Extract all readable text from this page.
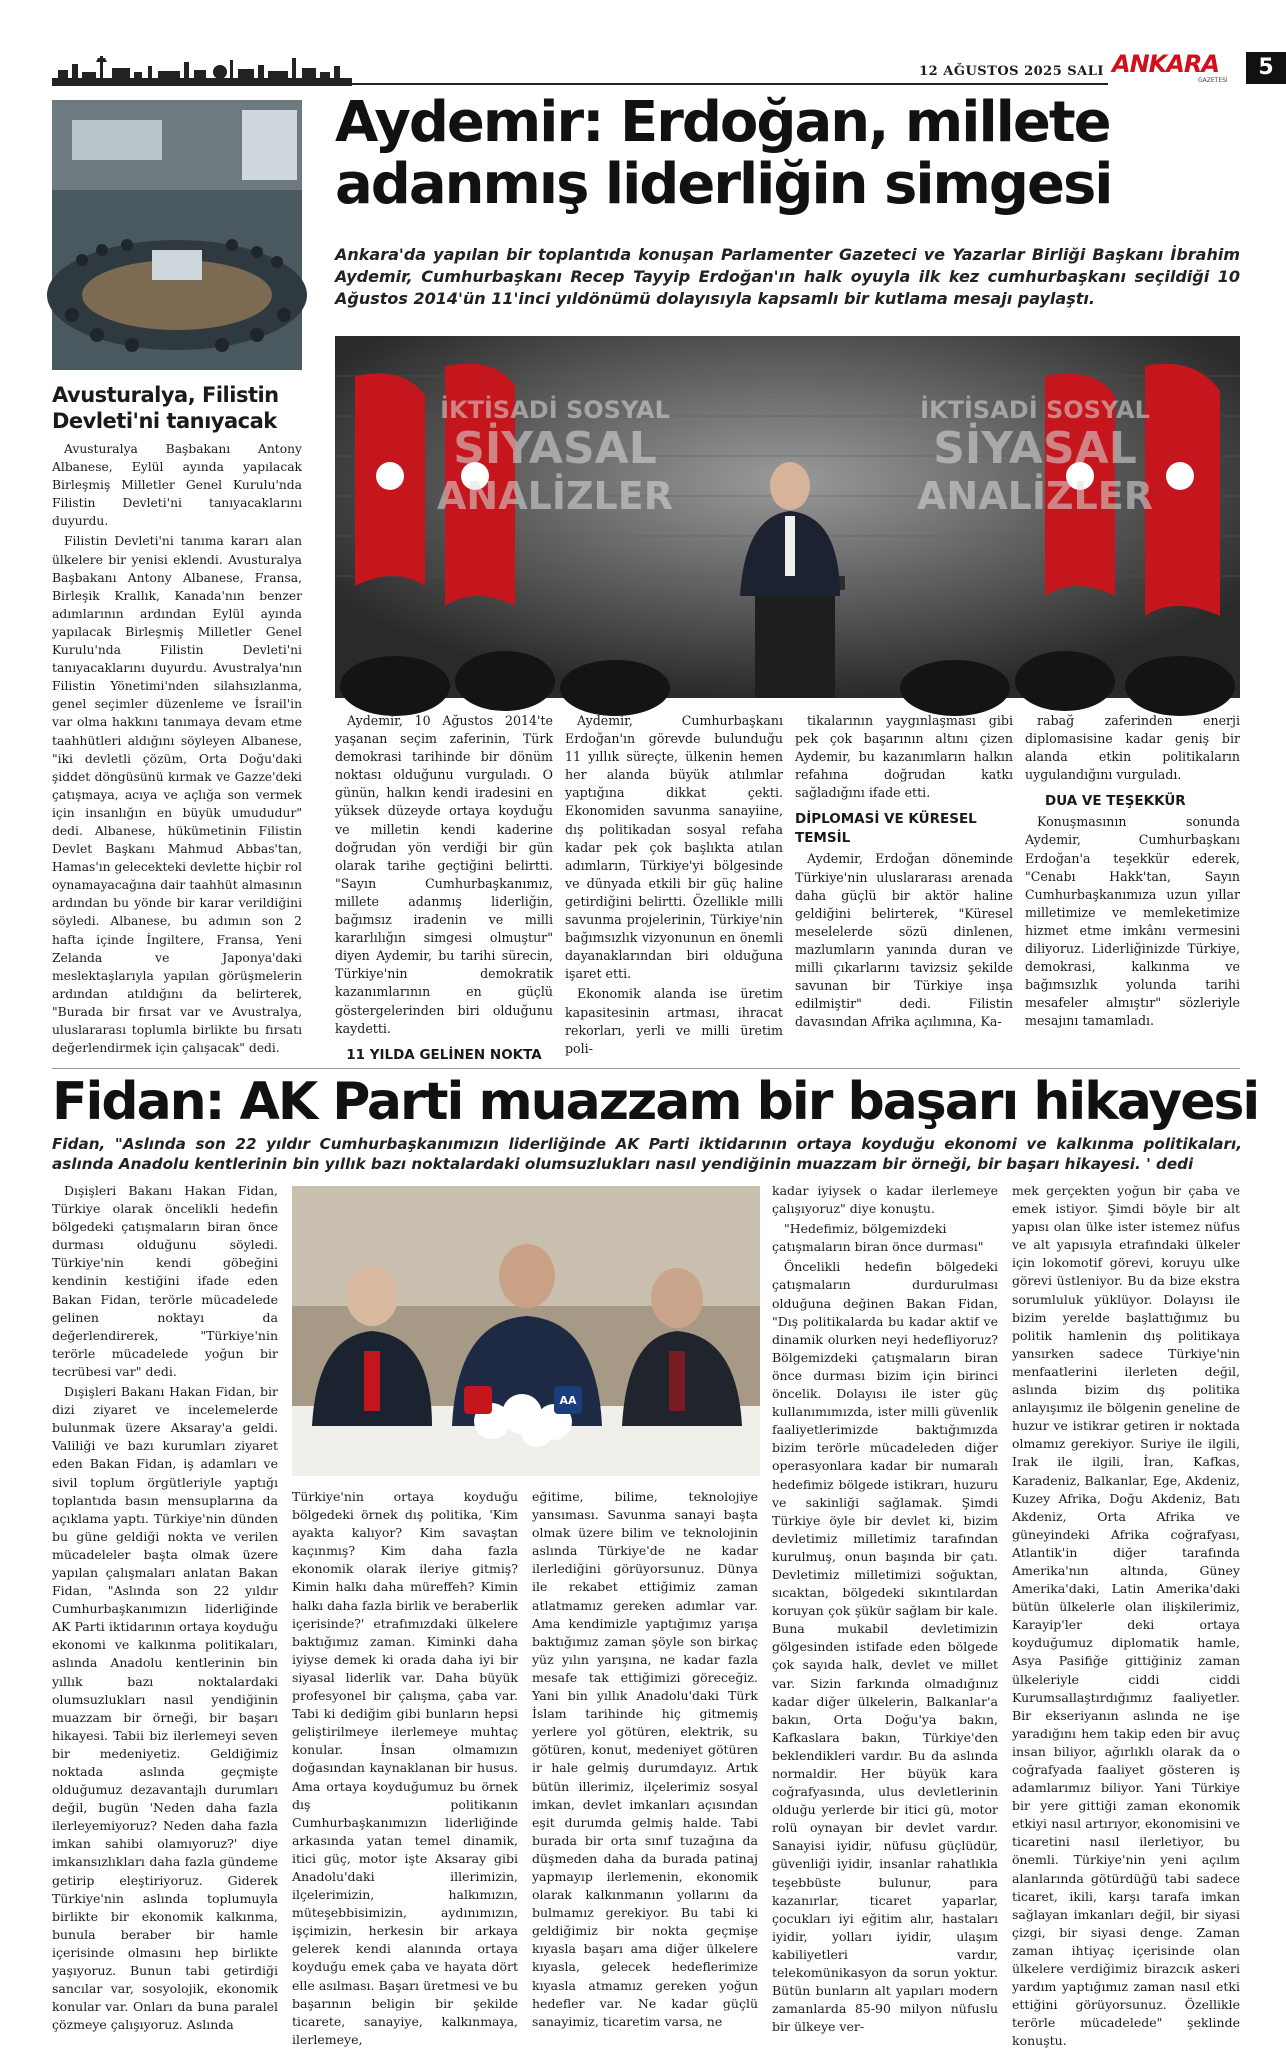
12 AĞUSTOS 2025 SALI ANKARA
GAZETESİ
5
Avusturalya, Filistin Devleti'ni tanıyacak

Avusturalya Başbakanı Antony Albanese, Eylül ayında yapılacak Birleşmiş Milletler Genel Kurulu'nda Filistin Devleti'ni tanıyacaklarını duyurdu.

Filistin Devleti'ni tanıma kararı alan ülkelere bir yenisi eklendi. Avusturalya Başbakanı Antony Albanese, Fransa, Birleşik Krallık, Kanada'nın benzer adımlarının ardından Eylül ayında yapılacak Birleşmiş Milletler Genel Kurulu'nda Filistin Devleti'ni tanıyacaklarını duyurdu. Avustralya'nın Filistin Yönetimi'nden silahsızlanma, genel seçimler düzenleme ve İsrail'in var olma hakkını tanımaya devam etme taahhütleri aldığını söyleyen Albanese, "iki devletli çözüm, Orta Doğu'daki şiddet döngüsünü kırmak ve Gazze'deki çatışmaya, acıya ve açlığa son vermek için insanlığın en büyük umududur" dedi. Albanese, hükümetinin Filistin Devlet Başkanı Mahmud Abbas'tan, Hamas'ın gelecekteki devlette hiçbir rol oynamayacağına dair taahhüt almasının ardından bu yönde bir karar verildiğini söyledi. Albanese, bu adımın son 2 hafta içinde İngiltere, Fransa, Yeni Zelanda ve Japonya'daki meslektaşlarıyla yapılan görüşmelerin ardından atıldığını da belirterek, "Burada bir fırsat var ve Avustralya, uluslararası toplumla birlikte bu fırsatı değerlendirmek için çalışacak" dedi.

Aydemir: Erdoğan, millete
adanmış liderliğin simgesi
Ankara'da yapılan bir toplantıda konuşan Parlamenter Gazeteci ve Yazarlar Birliği Başkanı İbrahim Aydemir, Cumhurbaşkanı Recep Tayyip Erdoğan'ın halk oyuyla ilk kez cumhurbaşkanı seçildiği 10 Ağustos 2014'ün 11'inci yıldönümü dolayısıyla kapsamlı bir kutlama mesajı paylaştı.
İKTİSADİ SOSYAL
SİYASAL
ANALİZLER
İKTİSADİ SOSYAL
SİYASAL
ANALİZLER

Aydemir, 10 Ağustos 2014'te yaşanan seçim zaferinin, Türk demokrasi tarihinde bir dönüm noktası olduğunu vurguladı. O günün, halkın kendi iradesini en yüksek düzeyde ortaya koyduğu ve milletin kendi kaderine doğrudan yön verdiği bir gün olarak tarihe geçtiğini belirtti. "Sayın Cumhurbaşkanımız, millete adanmış liderliğin, bağımsız iradenin ve milli kararlılığın simgesi olmuştur" diyen Aydemir, bu tarihi sürecin, Türkiye'nin demokratik kazanımlarının en güçlü göstergelerinden biri olduğunu kaydetti.

11 YILDA GELİNEN NOKTA

Aydemir, Cumhurbaşkanı Erdoğan'ın görevde bulunduğu 11 yıllık süreçte, ülkenin hemen her alanda büyük atılımlar yaptığına dikkat çekti. Ekonomiden savunma sanayiine, dış politikadan sosyal refaha kadar pek çok başlıkta atılan adımların, Türkiye'yi bölgesinde ve dünyada etkili bir güç haline getirdiğini belirtti. Özellikle milli savunma projelerinin, Türkiye'nin bağımsızlık vizyonunun en önemli dayanaklarından biri olduğuna işaret etti.

Ekonomik alanda ise üretim kapasitesinin artması, ihracat rekorları, yerli ve milli üretim poli-

tikalarının yaygınlaşması gibi pek çok başarının altını çizen Aydemir, bu kazanımların halkın refahına doğrudan katkı sağladığını ifade etti.

DİPLOMASİ VE KÜRESEL TEMSİL

Aydemir, Erdoğan döneminde Türkiye'nin uluslararası arenada daha güçlü bir aktör haline geldiğini belirterek, "Küresel meselelerde sözü dinlenen, mazlumların yanında duran ve milli çıkarlarını tavizsiz şekilde savunan bir Türkiye inşa edilmiştir" dedi. Filistin davasından Afrika açılımına, Ka-

rabağ zaferinden enerji diplomasisine kadar geniş bir alanda etkin politikaların uygulandığını vurguladı.

DUA VE TEŞEKKÜR

Konuşmasının sonunda Aydemir, Cumhurbaşkanı Erdoğan'a teşekkür ederek, "Cenabı Hakk'tan, Sayın Cumhurbaşkanımıza uzun yıllar milletimize ve memleketimize hizmet etme imkânı vermesini diliyoruz. Liderliğinizde Türkiye, demokrasi, kalkınma ve bağımsızlık yolunda tarihi mesafeler almıştır" sözleriyle mesajını tamamladı.

Fidan: AK Parti muazzam bir başarı hikayesi
Fidan, "Aslında son 22 yıldır Cumhurbaşkanımızın liderliğinde AK Parti iktidarının ortaya koyduğu ekonomi ve kalkınma politikaları, aslında Anadolu kentlerinin bin yıllık bazı noktalardaki olumsuzlukları nasıl yendiğinin muazzam bir örneği, bir başarı hikayesi. ' dedi

Dışişleri Bakanı Hakan Fidan, Türkiye olarak öncelikli hedefin bölgedeki çatışmaların biran önce durması olduğunu söyledi. Türkiye'nin kendi göbeğini kendinin kestiğini ifade eden Bakan Fidan, terörle mücadelede gelinen noktayı da değerlendirerek, "Türkiye'nin terörle mücadelede yoğun bir tecrübesi var" dedi.

Dışişleri Bakanı Hakan Fidan, bir dizi ziyaret ve incelemelerde bulunmak üzere Aksaray'a geldi. Valiliği ve bazı kurumları ziyaret eden Bakan Fidan, iş adamları ve sivil toplum örgütleriyle yaptığı toplantıda basın mensuplarına da açıklama yaptı. Türkiye'nin dünden bu güne geldiği nokta ve verilen mücadeleler başta olmak üzere yapılan çalışmaları anlatan Bakan Fidan, "Aslında son 22 yıldır Cumhurbaşkanımızın liderliğinde AK Parti iktidarının ortaya koyduğu ekonomi ve kalkınma politikaları, aslında Anadolu kentlerinin bin yıllık bazı noktalardaki olumsuzlukları nasıl yendiğinin muazzam bir örneği, bir başarı hikayesi. Tabii biz ilerlemeyi seven bir medeniyetiz. Geldiğimiz noktada aslında geçmişte olduğumuz dezavantajlı durumları değil, bugün 'Neden daha fazla ilerleyemiyoruz? Neden daha fazla imkan sahibi olamıyoruz?' diye imkansızlıkları daha fazla gündeme getirip eleştiriyoruz. Giderek Türkiye'nin aslında toplumuyla birlikte bir ekonomik kalkınma, bunula beraber bir hamle içerisinde olmasını hep birlikte yaşıyoruz. Bunun tabi getirdiği sancılar var, sosyolojik, ekonomik konular var. Onları da buna paralel çözmeye çalışıyoruz. Aslında

AA

Türkiye'nin ortaya koyduğu bölgedeki örnek dış politika, 'Kim ayakta kalıyor? Kim savaştan kaçınmış? Kim daha fazla ekonomik olarak ileriye gitmiş? Kimin halkı daha müreffeh? Kimin halkı daha fazla birlik ve beraberlik içerisinde?' etrafımızdaki ülkelere baktığımız zaman. Kiminki daha iyiyse demek ki orada daha iyi bir siyasal liderlik var. Daha büyük profesyonel bir çalışma, çaba var. Tabi ki dediğim gibi bunların hepsi geliştirilmeye ilerlemeye muhtaç konular. İnsan olmamızın doğasından kaynaklanan bir husus. Ama ortaya koyduğumuz bu örnek dış politikanın Cumhurbaşkanımızın liderliğinde arkasında yatan temel dinamik, itici güç, motor işte Aksaray gibi Anadolu'daki illerimizin, ilçelerimizin, halkımızın, müteşebbisimizin, aydınımızın, işçimizin, herkesin bir arkaya gelerek kendi alanında ortaya koyduğu emek çaba ve hayata dört elle asılması. Başarı üretmesi ve bu başarının beligin bir şekilde ticarete, sanayiye, kalkınmaya, ilerlemeye,

eğitime, bilime, teknolojiye yansıması. Savunma sanayi başta olmak üzere bilim ve teknolojinin aslında Türkiye'de ne kadar ilerlediğini görüyorsunuz. Dünya ile rekabet ettiğimiz zaman atlatmamız gereken adımlar var. Ama kendimizle yaptığımız yarışa baktığımız zaman şöyle son birkaç yüz yılın yarışına, ne kadar fazla mesafe tak ettiğimizi göreceğiz. Yani bin yıllık Anadolu'daki Türk İslam tarihinde hiç gitmemiş yerlere yol götüren, elektrik, su götüren, konut, medeniyet götüren ir hale gelmiş durumdayız. Artık bütün illerimiz, ilçelerimiz sosyal imkan, devlet imkanları açısından eşit durumda gelmiş halde. Tabi burada bir orta sınıf tuzağına da düşmeden daha da burada patinaj yapmayıp ilerlemenin, ekonomik olarak kalkınmanın yollarını da bulmamız gerekiyor. Bu tabi ki geldiğimiz bir nokta geçmişe kıyasla başarı ama diğer ülkelere kıyasla, gelecek hedeflerimize kıyasla atmamız gereken yoğun hedefler var. Ne kadar güçlü sanayimiz, ticaretim varsa, ne

kadar iyiysek o kadar ilerlemeye çalışıyoruz" diye konuştu.

"Hedefimiz, bölgemizdeki çatışmaların biran önce durması"

Öncelikli hedefin bölgedeki çatışmaların durdurulması olduğuna değinen Bakan Fidan, "Dış politikalarda bu kadar aktif ve dinamik olurken neyi hedefliyoruz? Bölgemizdeki çatışmaların biran önce durması bizim için birinci öncelik. Dolayısı ile ister güç kullanımımızda, ister milli güvenlik faaliyetlerimizde baktığımızda bizim terörle mücadeleden diğer operasyonlara kadar bir numaralı hedefimiz bölgede istikrarı, huzuru ve sakinliği sağlamak. Şimdi Türkiye öyle bir devlet ki, bizim devletimiz milletimiz tarafından kurulmuş, onun başında bir çatı. Devletimiz milletimizi soğuktan, sıcaktan, bölgedeki sıkıntılardan koruyan çok şükür sağlam bir kale. Buna mukabil devletimizin gölgesinden istifade eden bölgede çok sayıda halk, devlet ve millet var. Sizin farkında olmadığınız kadar diğer ülkelerin, Balkanlar'a bakın, Orta Doğu'ya bakın, Kafkaslara bakın, Türkiye'den beklendikleri vardır. Bu da aslında normaldir. Her büyük kara coğrafyasında, ulus devletlerinin olduğu yerlerde bir itici gü, motor rolü oynayan bir devlet vardır. Sanayisi iyidir, nüfusu güçlüdür, güvenliği iyidir, insanlar rahatlıkla teşebbüste bulunur, para kazanırlar, ticaret yaparlar, çocukları iyi eğitim alır, hastaları iyidir, yolları iyidir, ulaşım kabiliyetleri vardır, telekomünikasyon da sorun yoktur. Bütün bunların alt yapıları modern zamanlarda 85-90 milyon nüfuslu bir ülkeye ver-

mek gerçekten yoğun bir çaba ve emek istiyor. Şimdi böyle bir alt yapısı olan ülke ister istemez nüfus ve alt yapısıyla etrafındaki ülkeler için lokomotif görevi, koruyu ulke görevi üstleniyor. Bu da bize ekstra sorumluluk yüklüyor. Dolayısı ile bizim yerelde başlattığımız bu politik hamlenin dış politikaya yansırken sadece Türkiye'nin menfaatlerini ilerleten değil, aslında bizim dış politika anlayışımız ile bölgenin geneline de huzur ve istikrar getiren ir noktada olmamız gerekiyor. Suriye ile ilgili, Irak ile ilgili, İran, Kafkas, Karadeniz, Balkanlar, Ege, Akdeniz, Kuzey Afrika, Doğu Akdeniz, Batı Akdeniz, Orta Afrika ve güneyindeki Afrika coğrafyası, Atlantik'in diğer tarafında Amerika'nın altında, Güney Amerika'daki, Latin Amerika'daki bütün ülkelerle olan ilişkilerimiz, Karayip'ler deki ortaya koyduğumuz diplomatik hamle, Asya Pasifiğe gittiğiniz zaman ülkeleriyle ciddi ciddi Kurumsallaştırdığımız faaliyetler. Bir ekseriyanın aslında ne işe yaradığını hem takip eden bir avuç insan biliyor, ağırlıklı olarak da o coğrafyada faaliyet gösteren iş adamlarımız biliyor. Yani Türkiye bir yere gittiği zaman ekonomik etkiyi nasıl artırıyor, ekonomisini ve ticaretini nasıl ilerletiyor, bu önemli. Türkiye'nin yeni açılım alanlarında götürdüğü tabi sadece ticaret, ikili, karşı tarafa imkan sağlayan imkanları değil, bir siyasi çizgi, bir siyasi denge. Zaman zaman ihtiyaç içerisinde olan ülkelere verdiğimiz birazcık askeri yardım yaptığımız zaman nasıl etki ettiğini görüyorsunuz. Özellikle terörle mücadelede" şeklinde konuştu.
